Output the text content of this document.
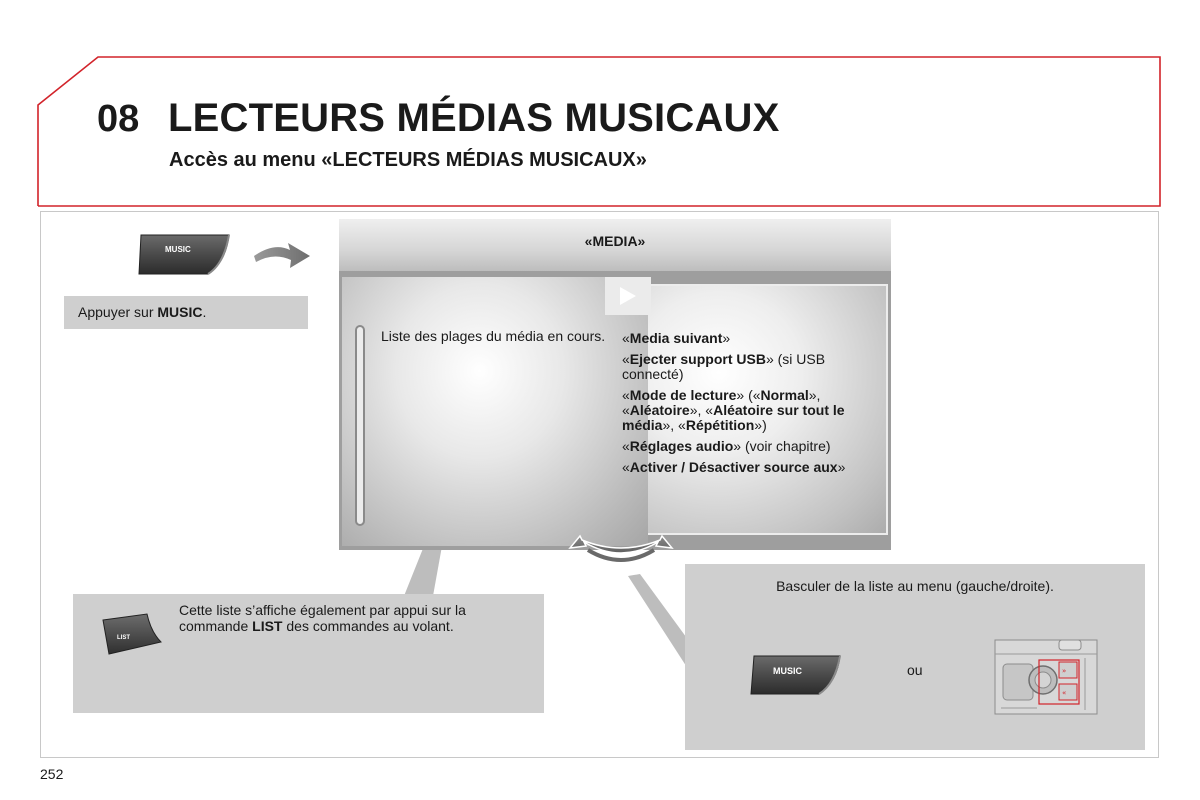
08 LECTEURS MÉDIAS MUSICAUX
Accès au menu «LECTEURS MÉDIAS MUSICAUX»
MUSIC
Appuyer sur MUSIC.
«MEDIA»
Liste des plages du média en cours. «Media suivant»
«Ejecter support USB» (si USB connecté)
«Mode de lecture» («Normal», «Aléatoire», «Aléatoire sur tout le média», «Répétition»)
«Réglages audio» (voir chapitre)
«Activer / Désactiver source aux»
LIST
Cette liste s’affiche également par appui sur la commande LIST des commandes au volant.
Basculer de la liste au menu (gauche/droite).
MUSIC	ou	»
«
252
